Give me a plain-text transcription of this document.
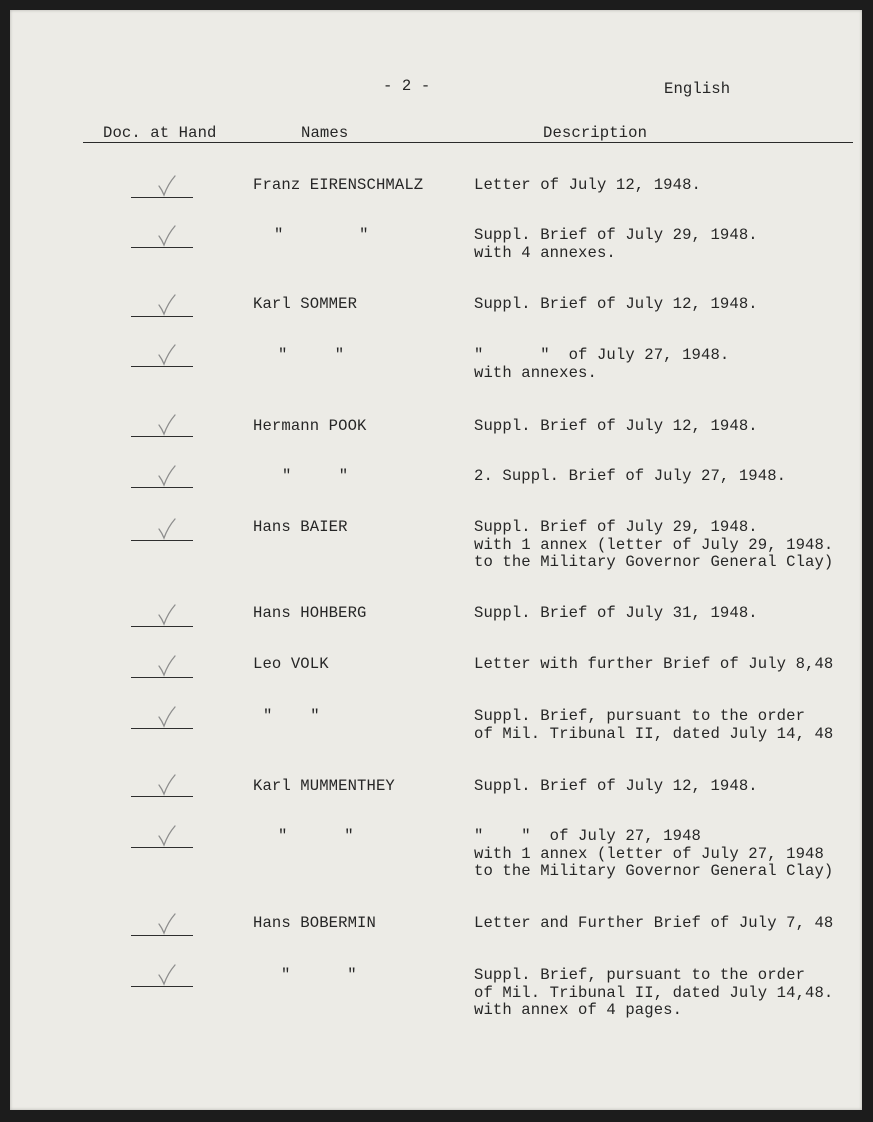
- 2 -	English
Doc. at Hand	Names	Description
Franz EIRENSCHMALZ	Letter of July 12, 1948.
"        "	Suppl. Brief of July 29, 1948.
with 4 annexes.
Karl SOMMER	Suppl. Brief of July 12, 1948.
"     "	"      "  of July 27, 1948.
with annexes.
Hermann POOK	Suppl. Brief of July 12, 1948.
"     "	2. Suppl. Brief of July 27, 1948.
Hans BAIER	Suppl. Brief of July 29, 1948.
with 1 annex (letter of July 29, 1948.
to the Military Governor General Clay)
Hans HOHBERG	Suppl. Brief of July 31, 1948.
Leo VOLK	Letter with further Brief of July 8,48
"    "	Suppl. Brief, pursuant to the order
of Mil. Tribunal II, dated July 14, 48
Karl MUMMENTHEY	Suppl. Brief of July 12, 1948.
"      "	"    "  of July 27, 1948
with 1 annex (letter of July 27, 1948
to the Military Governor General Clay)
Hans BOBERMIN	Letter and Further Brief of July 7, 48
"      "	Suppl. Brief, pursuant to the order
of Mil. Tribunal II, dated July 14,48.
with annex of 4 pages.
